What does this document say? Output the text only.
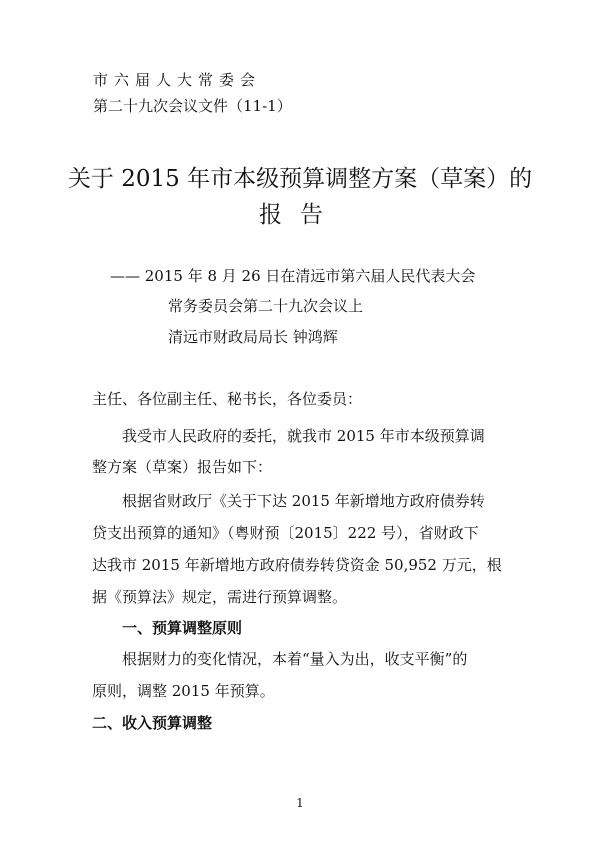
市六届人大常委会
第二十九次会议文件（11-1）
关于 2015 年市本级预算调整方案（草案）的
报告
—— 2015 年 8 月 26 日在清远市第六届人民代表大会
常务委员会第二十九次会议上
清远市财政局局长 钟鸿辉
主任、各位副主任、秘书长，各位委员：
我受市人民政府的委托，就我市 2015 年市本级预算调
整方案（草案）报告如下：
根据省财政厅《关于下达 2015 年新增地方政府债券转
贷支出预算的通知》（粤财预〔2015〕222 号），省财政下
达我市 2015 年新增地方政府债券转贷资金 50,952 万元，根
据《预算法》规定，需进行预算调整。
一、预算调整原则
根据财力的变化情况，本着“量入为出，收支平衡”的
原则，调整 2015 年预算。
二、收入预算调整
1
